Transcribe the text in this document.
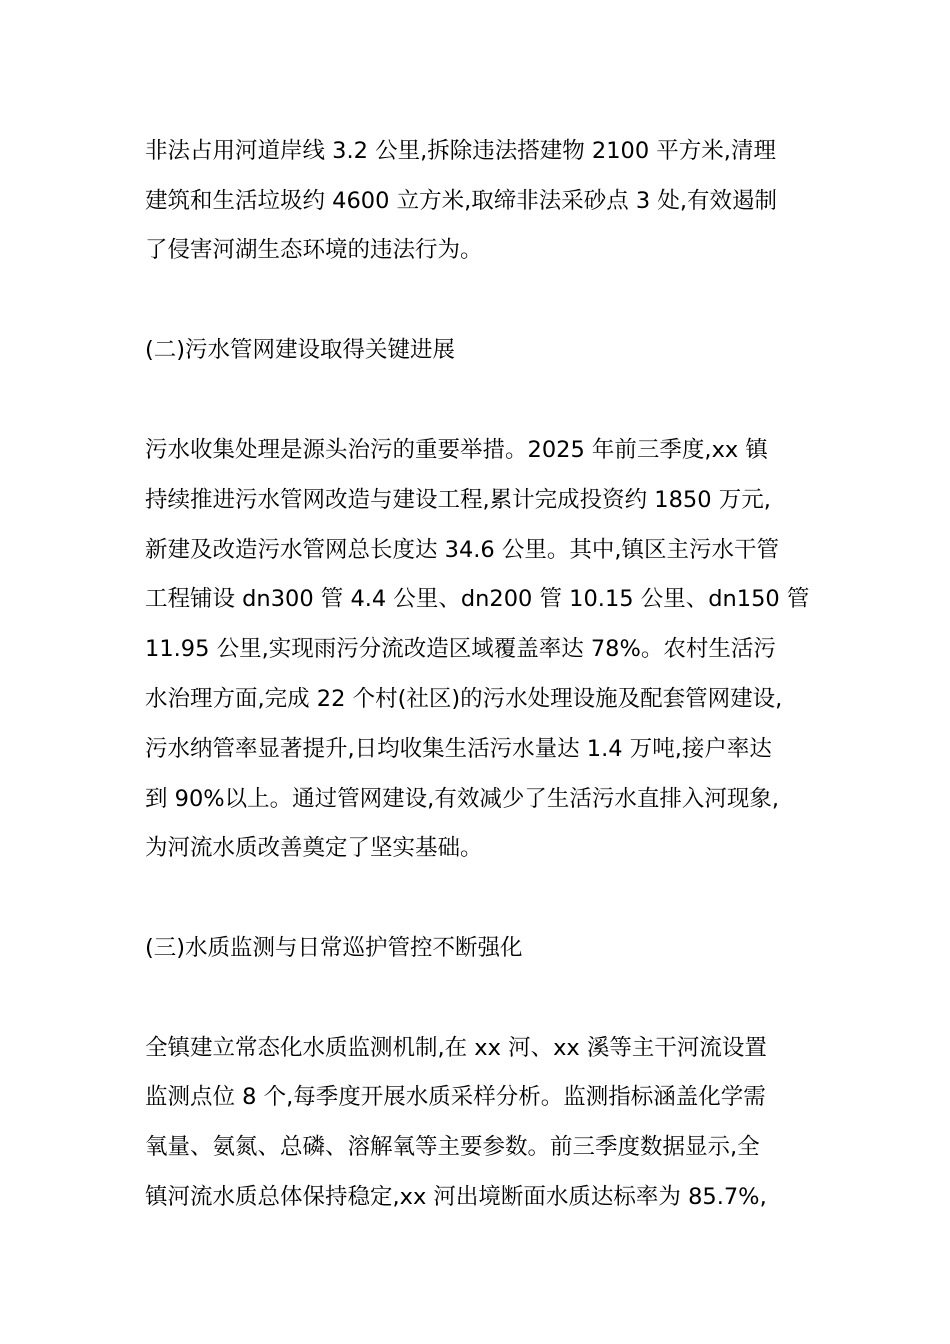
非法占用河道岸线 3.2 公里,拆除违法搭建物 2100 平方米,清理
建筑和生活垃圾约 4600 立方米,取缔非法采砂点 3 处,有效遏制
了侵害河湖生态环境的违法行为。
(二)污水管网建设取得关键进展
污水收集处理是源头治污的重要举措。2025 年前三季度,xx 镇
持续推进污水管网改造与建设工程,累计完成投资约 1850 万元,
新建及改造污水管网总长度达 34.6 公里。其中,镇区主污水干管
工程铺设 dn300 管 4.4 公里、dn200 管 10.15 公里、dn150 管
11.95 公里,实现雨污分流改造区域覆盖率达 78%。农村生活污
水治理方面,完成 22 个村(社区)的污水处理设施及配套管网建设,
污水纳管率显著提升,日均收集生活污水量达 1.4 万吨,接户率达
到 90%以上。通过管网建设,有效减少了生活污水直排入河现象,
为河流水质改善奠定了坚实基础。
(三)水质监测与日常巡护管控不断强化
全镇建立常态化水质监测机制,在 xx 河、xx 溪等主干河流设置
监测点位 8 个,每季度开展水质采样分析。监测指标涵盖化学需
氧量、氨氮、总磷、溶解氧等主要参数。前三季度数据显示,全
镇河流水质总体保持稳定,xx 河出境断面水质达标率为 85.7%,
